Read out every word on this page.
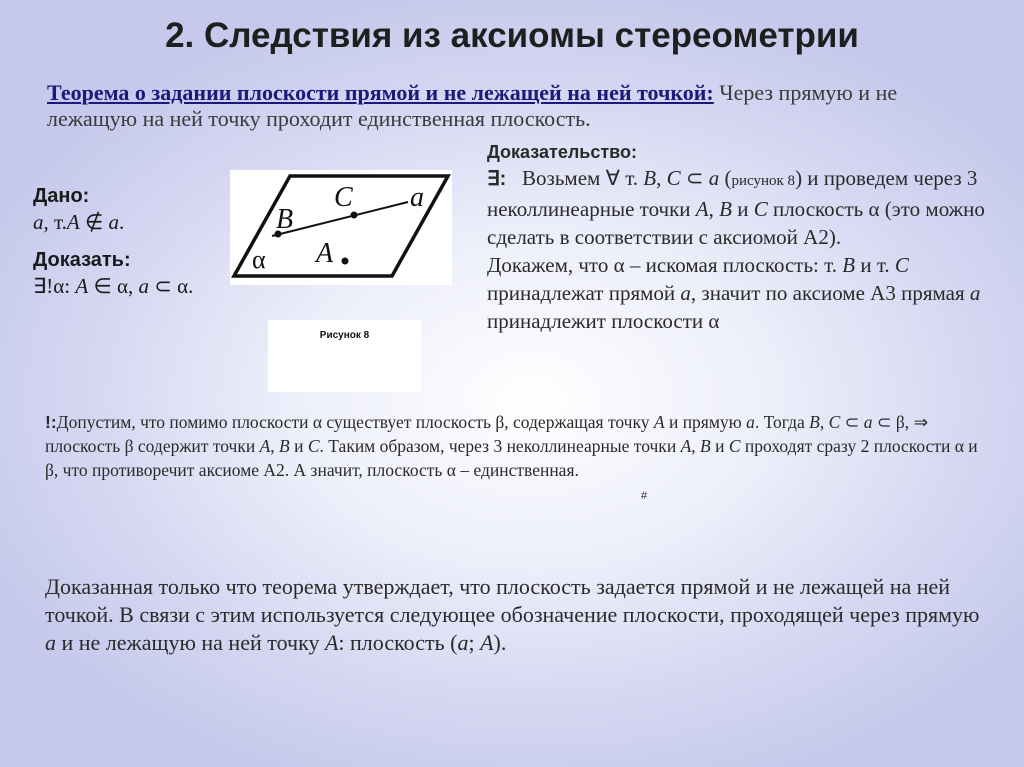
2. Следствия из аксиомы стереометрии
Теорема о задании плоскости прямой и не лежащей на ней точкой: Через прямую и не лежащую на ней точку проходит единственная плоскость.
Дано:
a, т.A ∉ a.
Доказать:
∃!α: A ∈ α, a ⊂ α.
B
C a
A
α
Рисунок 8
Доказательство:
∃:   Возьмем ∀ т. B, C ⊂ a (рисунок 8) и проведем через 3 неколлинеарные точки A, B и C плоскость α (это можно сделать в соответствии с аксиомой А2).
Докажем, что α – искомая плоскость: т. B и т. C принадлежат прямой a, значит по аксиоме А3 прямая a принадлежит плоскости α
!:Допустим, что помимо плоскости α существует плоскость β, содержащая точку A и прямую a. Тогда B, C ⊂ a ⊂ β, ⇒ плоскость β содержит точки A, B и C. Таким образом, через 3 неколлинеарные точки A, B и C проходят сразу 2 плоскости α и β, что противоречит аксиоме А2. А значит, плоскость α – единственная.
#
Доказанная только что теорема утверждает, что плоскость задается прямой и не лежащей на ней точкой. В связи с этим используется следующее обозначение плоскости, проходящей через прямую a и не лежащую на ней точку A: плоскость (a; A).
